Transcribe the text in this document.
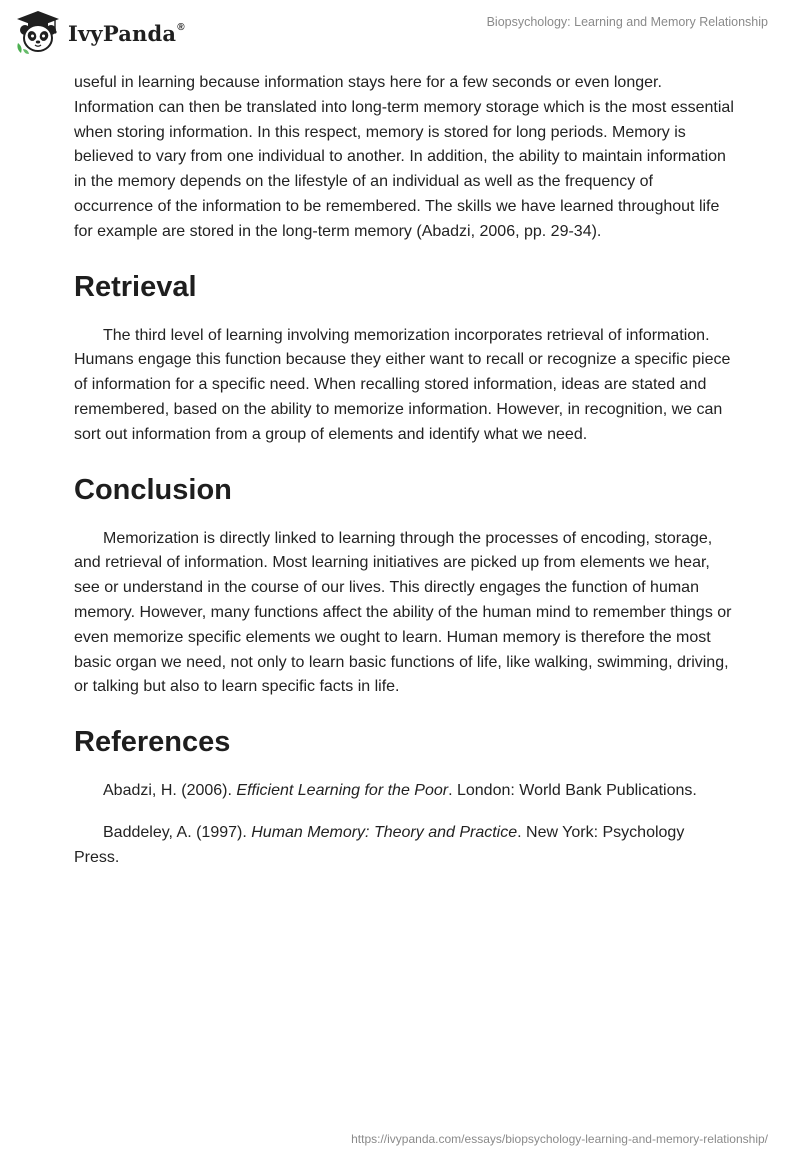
IvyPanda®	Biopsychology: Learning and Memory Relationship

useful in learning because information stays here for a few seconds or even longer. Information can then be translated into long-term memory storage which is the most essential when storing information. In this respect, memory is stored for long periods. Memory is believed to vary from one individual to another. In addition, the ability to maintain information in the memory depends on the lifestyle of an individual as well as the frequency of occurrence of the information to be remembered. The skills we have learned throughout life for example are stored in the long-term memory (Abadzi, 2006, pp. 29-34).

Retrieval

The third level of learning involving memorization incorporates retrieval of information. Humans engage this function because they either want to recall or recognize a specific piece of information for a specific need. When recalling stored information, ideas are stated and remembered, based on the ability to memorize information. However, in recognition, we can sort out information from a group of elements and identify what we need.

Conclusion

Memorization is directly linked to learning through the processes of encoding, storage, and retrieval of information. Most learning initiatives are picked up from elements we hear, see or understand in the course of our lives. This directly engages the function of human memory. However, many functions affect the ability of the human mind to remember things or even memorize specific elements we ought to learn. Human memory is therefore the most basic organ we need, not only to learn basic functions of life, like walking, swimming, driving, or talking but also to learn specific facts in life.

References

Abadzi, H. (2006). Efficient Learning for the Poor. London: World Bank Publications.

Baddeley, A. (1997). Human Memory: Theory and Practice. New York: Psychology Press.

https://ivypanda.com/essays/biopsychology-learning-and-memory-relationship/
